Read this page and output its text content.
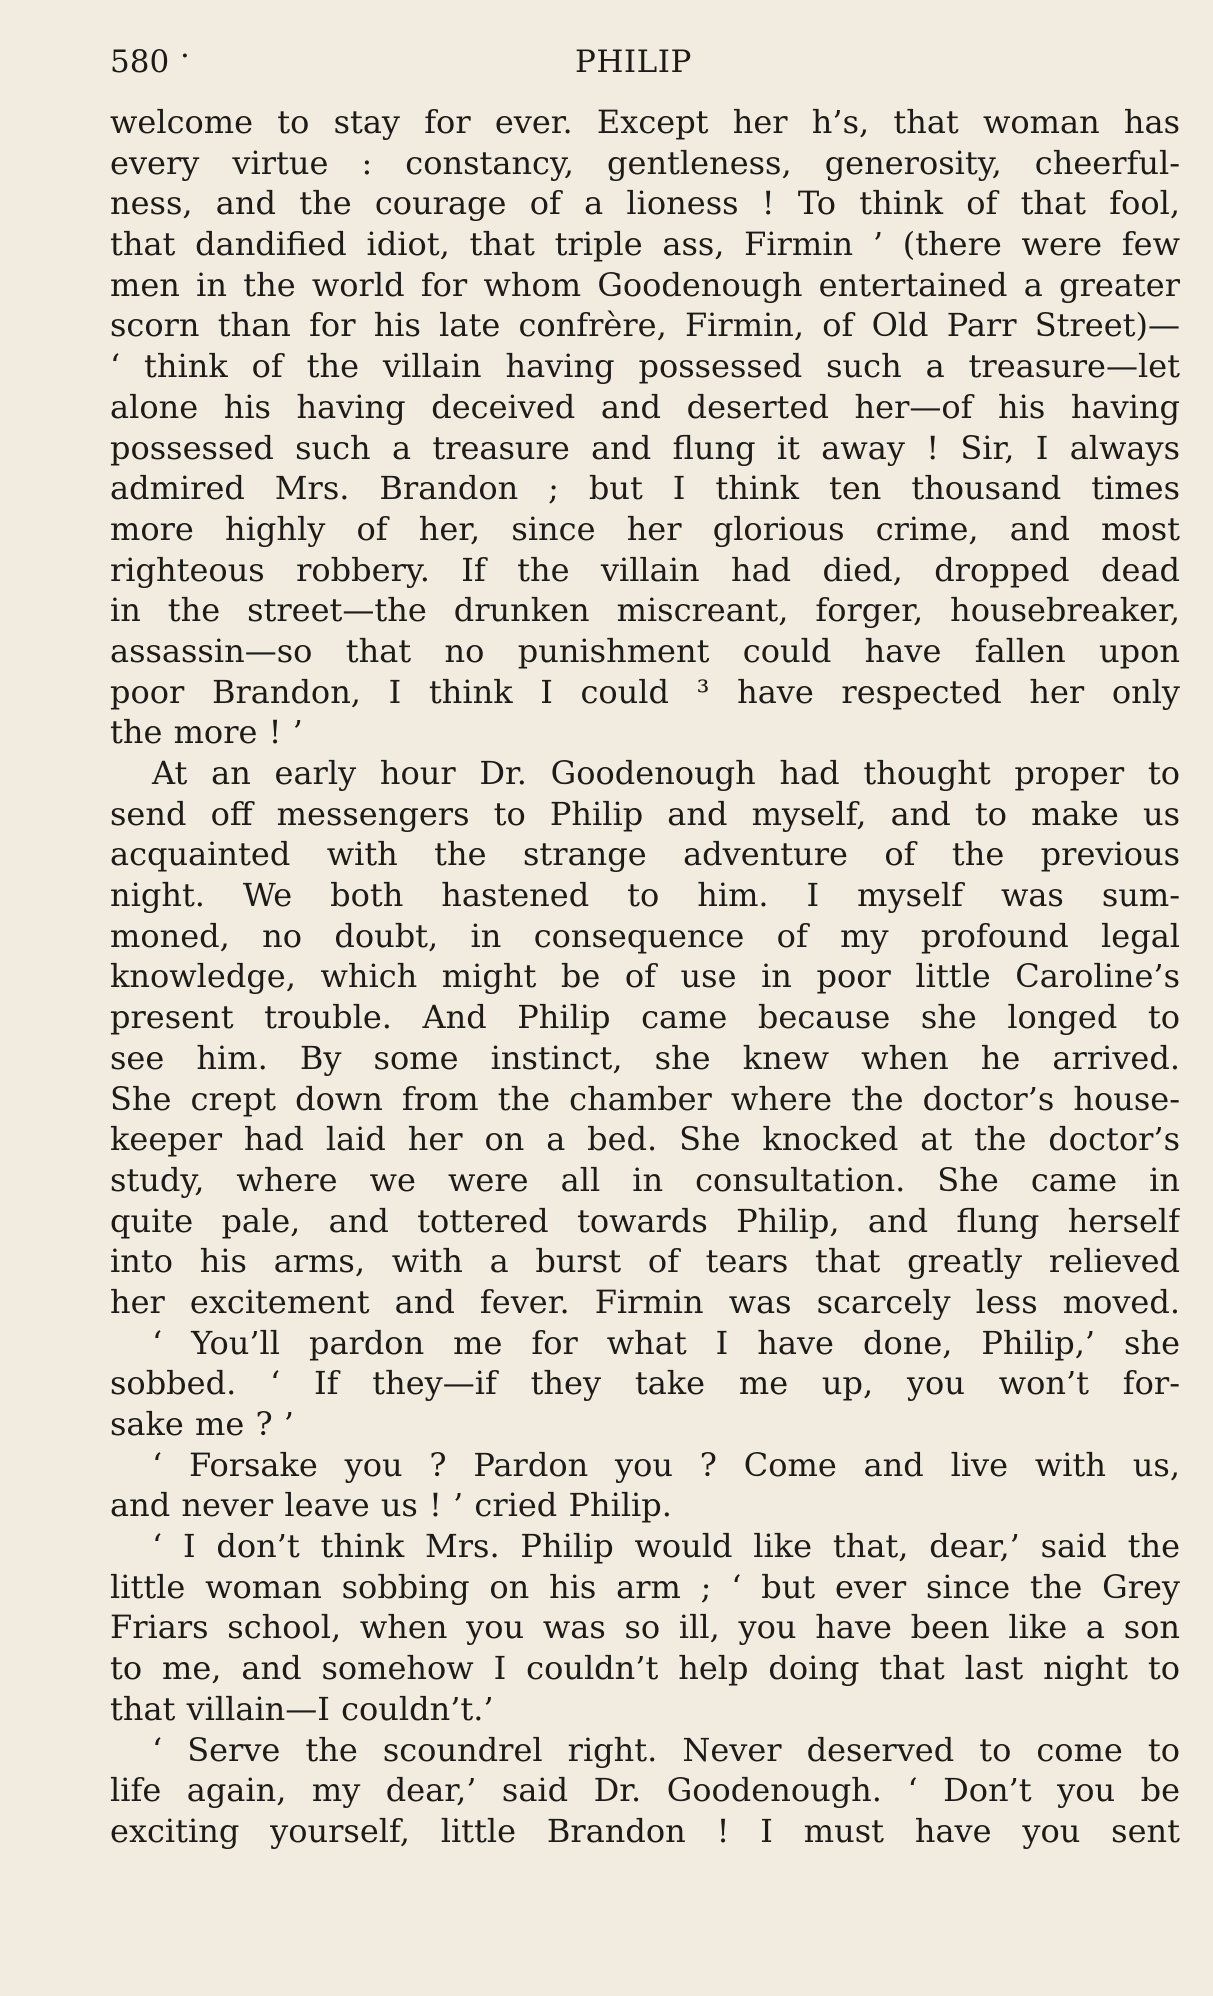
580 ·	PHILIP
welcome to stay for ever. Except her h’s, that woman has
every virtue : constancy, gentleness, generosity, cheerful-
ness, and the courage of a lioness ! To think of that fool,
that dandified idiot, that triple ass, Firmin ’ (there were few
men in the world for whom Goodenough entertained a greater
scorn than for his late confrère, Firmin, of Old Parr Street)—
‘ think of the villain having possessed such a treasure—let
alone his having deceived and deserted her—of his having
possessed such a treasure and flung it away ! Sir, I always
admired Mrs. Brandon ; but I think ten thousand times
more highly of her, since her glorious crime, and most
righteous robbery. If the villain had died, dropped dead
in the street—the drunken miscreant, forger, housebreaker,
assassin—so that no punishment could have fallen upon
poor Brandon, I think I could ³ have respected her only
the more ! ’
At an early hour Dr. Goodenough had thought proper to
send off messengers to Philip and myself, and to make us
acquainted with the strange adventure of the previous
night. We both hastened to him. I myself was sum-
moned, no doubt, in consequence of my profound legal
knowledge, which might be of use in poor little Caroline’s
present trouble. And Philip came because she longed to
see him. By some instinct, she knew when he arrived.
She crept down from the chamber where the doctor’s house-
keeper had laid her on a bed. She knocked at the doctor’s
study, where we were all in consultation. She came in
quite pale, and tottered towards Philip, and flung herself
into his arms, with a burst of tears that greatly relieved
her excitement and fever. Firmin was scarcely less moved.
‘ You’ll pardon me for what I have done, Philip,’ she
sobbed. ‘ If they—if they take me up, you won’t for-
sake me ? ’
‘ Forsake you ? Pardon you ? Come and live with us,
and never leave us ! ’ cried Philip.
‘ I don’t think Mrs. Philip would like that, dear,’ said the
little woman sobbing on his arm ; ‘ but ever since the Grey
Friars school, when you was so ill, you have been like a son
to me, and somehow I couldn’t help doing that last night to
that villain—I couldn’t.’
‘ Serve the scoundrel right. Never deserved to come to
life again, my dear,’ said Dr. Goodenough. ‘ Don’t you be
exciting yourself, little Brandon ! I must have you sent
